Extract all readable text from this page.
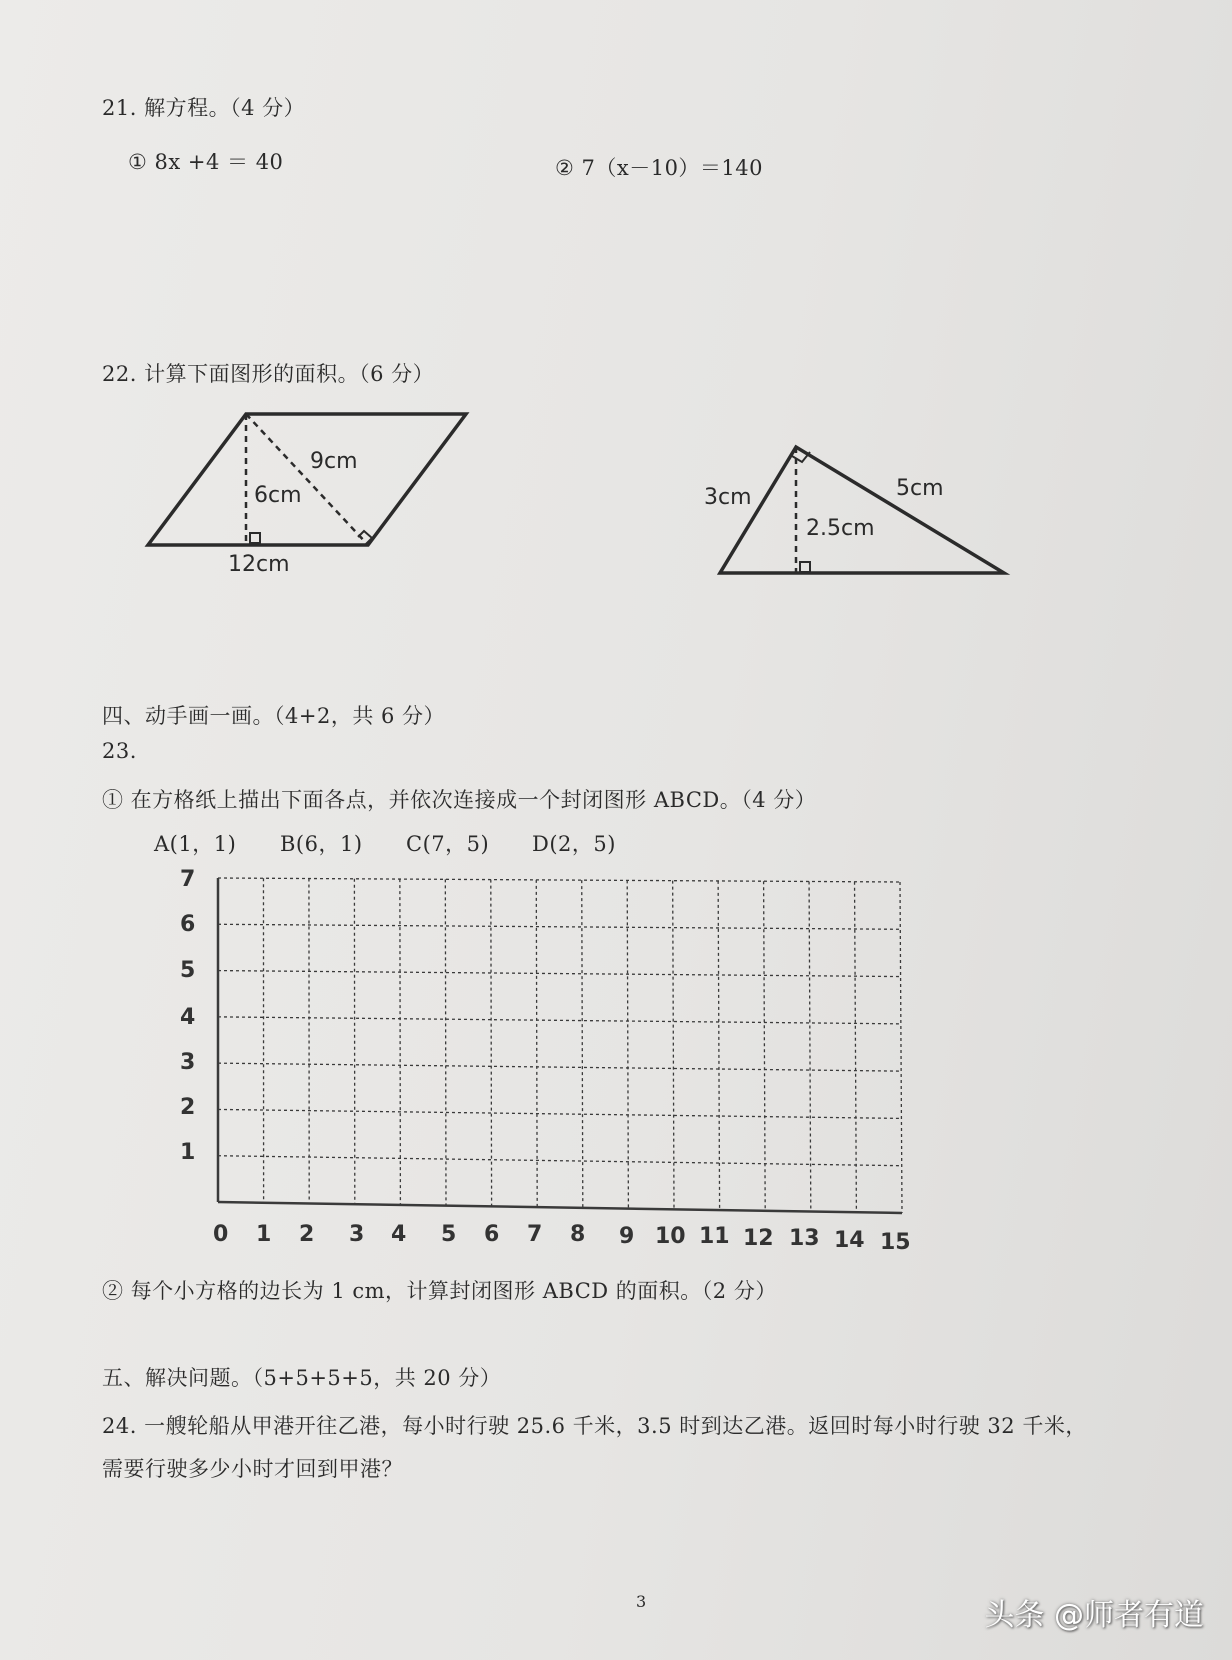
21. 解方程。（4 分）
① 8x +4 ＝ 40	② 7（x－10）＝140
22. 计算下面图形的面积。（6 分）
6cm
9cm
12cm
3cm	5cm
2.5cm
四、动手画一画。（4+2，共 6 分）
23.
① 在方格纸上描出下面各点，并依次连接成一个封闭图形 ABCD。（4 分）
A(1，1) B(6，1) C(7，5) D(2，5)
7
6
5
4
3
2
1
0 1 2 3 4 5 6 7 8 9 10 11 12 13 14 15
② 每个小方格的边长为 1 cm，计算封闭图形 ABCD 的面积。（2 分）
五、解决问题。（5+5+5+5，共 20 分）
24. 一艘轮船从甲港开往乙港，每小时行驶 25.6 千米，3.5 时到达乙港。返回时每小时行驶 32 千米，
需要行驶多少小时才回到甲港？
3	头条 @师者有道
